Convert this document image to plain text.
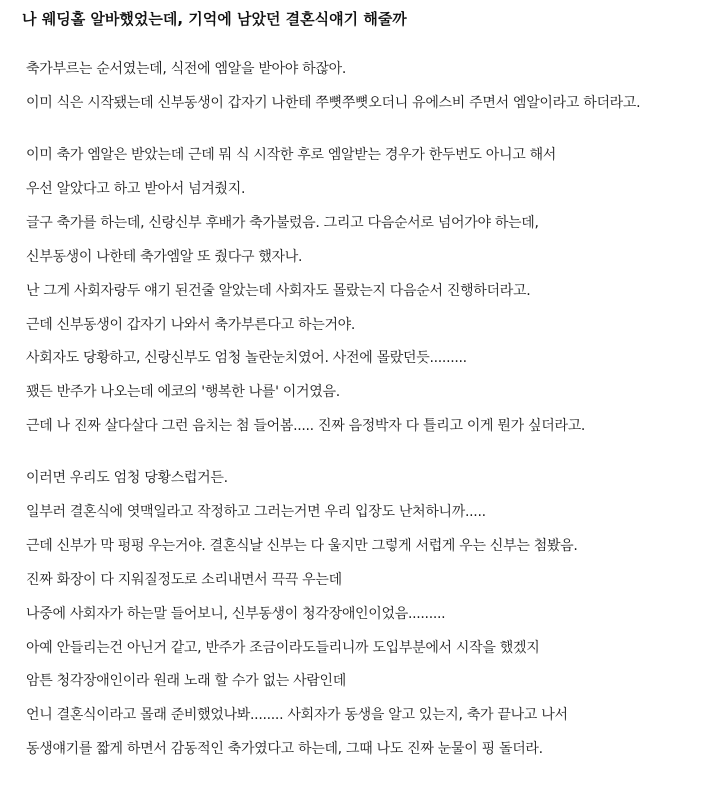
나 웨딩홀 알바했었는데, 기억에 남았던 결혼식얘기 해줄까
축가부르는 순서였는데, 식전에 엠알을 받아야 하잖아.
이미 식은 시작됐는데 신부동생이 갑자기 나한테 쭈뼛쭈뼛오더니 유에스비 주면서 엠알이라고 하더라고.
이미 축가 엠알은 받았는데 근데 뭐 식 시작한 후로 엠알받는 경우가 한두번도 아니고 해서
우선 알았다고 하고 받아서 넘겨줬지.
글구 축가를 하는데, 신랑신부 후배가 축가불렀음. 그리고 다음순서로 넘어가야 하는데,
신부동생이 나한테 축가엠알 또 줬다구 했자나.
난 그게 사회자랑두 얘기 된건줄 알았는데 사회자도 몰랐는지 다음순서 진행하더라고.
근데 신부동생이 갑자기 나와서 축가부른다고 하는거야.
사회자도 당황하고, 신랑신부도 엄청 놀란눈치였어. 사전에 몰랐던듯.........
꽸든 반주가 나오는데 에코의 '행복한 나를' 이거였음.
근데 나 진짜 살다살다 그런 음치는 첨 들어봄..... 진짜 음정박자 다 틀리고 이게 뭔가 싶더라고.
이러면 우리도 엄청 당황스럽거든.
일부러 결혼식에 엿맥일라고 작정하고 그러는거면 우리 입장도 난처하니까.....
근데 신부가 막 펑펑 우는거야. 결혼식날 신부는 다 울지만 그렇게 서럽게 우는 신부는 첨봤음.
진짜 화장이 다 지워질정도로 소리내면서 끅끅 우는데
나중에 사회자가 하는말 들어보니, 신부동생이 청각장애인이었음.........
아예 안들리는건 아닌거 같고, 반주가 조금이라도들리니까 도입부분에서 시작을 했겠지
암튼 청각장애인이라 원래 노래 할 수가 없는 사람인데
언니 결혼식이라고 몰래 준비했었나봐........ 사회자가 동생을 알고 있는지, 축가 끝나고 나서
동생얘기를 짧게 하면서 감동적인 축가였다고 하는데, 그때 나도 진짜 눈물이 핑 돌더라.
